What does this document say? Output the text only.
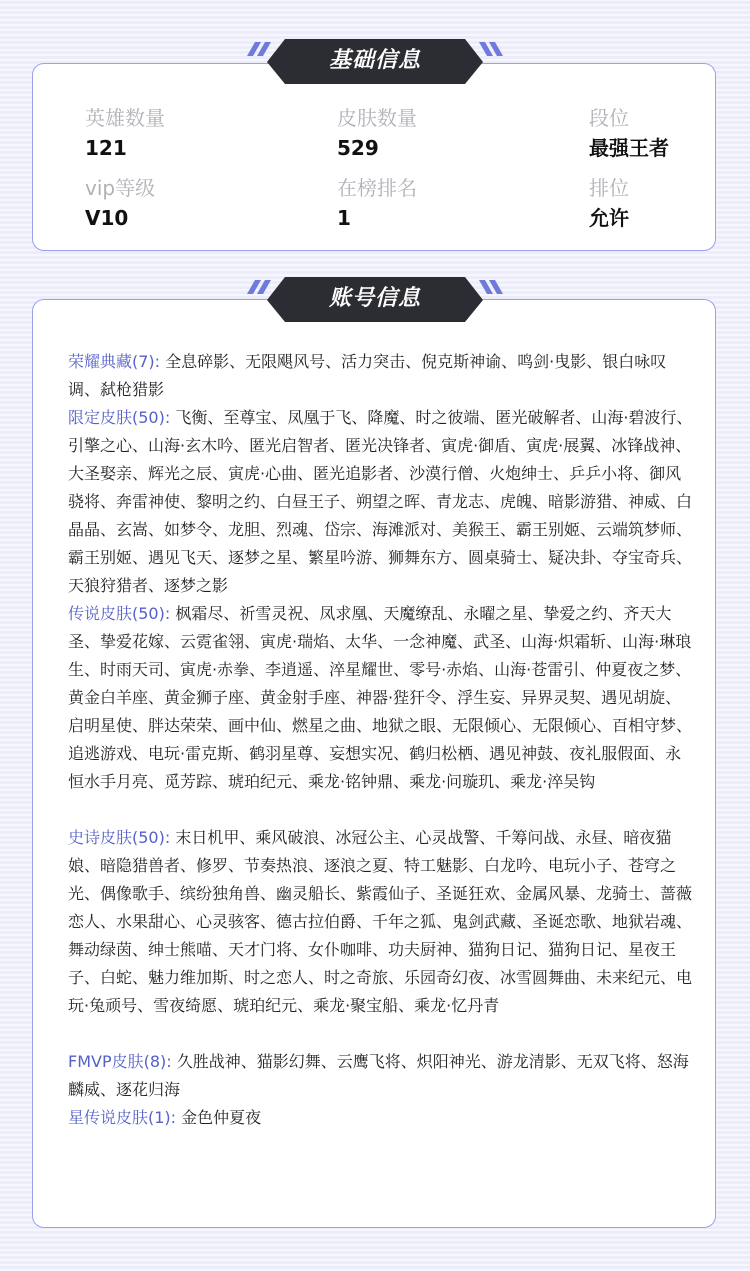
英雄数量
121
皮肤数量
529
段位
最强王者
vip等级
V10
在榜排名
1
排位
允许
基础信息

荣耀典藏(7): 全息碎影、无限飓风号、活力突击、倪克斯神谕、鸣剑·曳影、银白咏叹调、弑枪猎影

限定皮肤(50): 飞衡、至尊宝、凤凰于飞、降魔、时之彼端、匿光破解者、山海·碧波行、引擎之心、山海·玄木吟、匿光启智者、匿光决锋者、寅虎·御盾、寅虎·展翼、冰锋战神、大圣娶亲、辉光之辰、寅虎·心曲、匿光追影者、沙漠行僧、火炮绅士、乒乒小将、御风骁将、奔雷神使、黎明之约、白昼王子、朔望之晖、青龙志、虎魄、暗影游猎、神威、白晶晶、玄嵩、如梦令、龙胆、烈魂、岱宗、海滩派对、美猴王、霸王别姬、云端筑梦师、霸王别姬、遇见飞天、逐梦之星、繁星吟游、狮舞东方、圆桌骑士、疑决卦、夺宝奇兵、天狼狩猎者、逐梦之影

传说皮肤(50): 枫霜尽、祈雪灵祝、凤求凰、天魔缭乱、永曜之星、挚爱之约、齐天大圣、挚爱花嫁、云霓雀翎、寅虎·瑞焰、太华、一念神魔、武圣、山海·炽霜斩、山海·琳琅生、时雨天司、寅虎·赤拳、李逍遥、淬星耀世、零号·赤焰、山海·苍雷引、仲夏夜之梦、黄金白羊座、黄金狮子座、黄金射手座、神器·狴犴令、浮生妄、异界灵契、遇见胡旋、启明星使、胖达荣荣、画中仙、燃星之曲、地狱之眼、无限倾心、无限倾心、百相守梦、追逃游戏、电玩·雷克斯、鹤羽星尊、妄想实况、鹤归松栖、遇见神鼓、夜礼服假面、永恒水手月亮、觅芳踪、琥珀纪元、乘龙·铭钟鼎、乘龙·问璇玑、乘龙·淬吴钩

史诗皮肤(50): 末日机甲、乘风破浪、冰冠公主、心灵战警、千筹问战、永昼、暗夜猫娘、暗隐猎兽者、修罗、节奏热浪、逐浪之夏、特工魅影、白龙吟、电玩小子、苍穹之光、偶像歌手、缤纷独角兽、幽灵船长、紫霞仙子、圣诞狂欢、金属风暴、龙骑士、蔷薇恋人、水果甜心、心灵骇客、德古拉伯爵、千年之狐、鬼剑武藏、圣诞恋歌、地狱岩魂、舞动绿茵、绅士熊喵、天才门将、女仆咖啡、功夫厨神、猫狗日记、猫狗日记、星夜王子、白蛇、魅力维加斯、时之恋人、时之奇旅、乐园奇幻夜、冰雪圆舞曲、未来纪元、电玩·兔顽号、雪夜绮愿、琥珀纪元、乘龙·聚宝船、乘龙·忆丹青

FMVP皮肤(8): 久胜战神、猫影幻舞、云鹰飞将、炽阳神光、游龙清影、无双飞将、怒海麟威、逐花归海

星传说皮肤(1): 金色仲夏夜

账号信息
